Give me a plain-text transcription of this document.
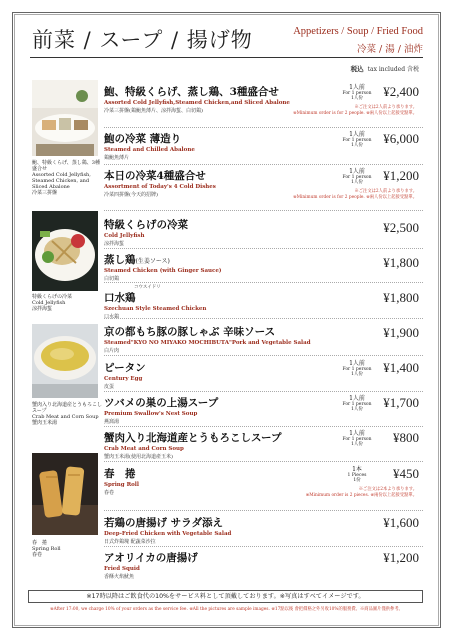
前菜 / スープ / 揚げ物	Appetizers / Soup / Fried Food
冷菜 / 湯 / 油炸
税込 tax included 含税
鮑、特級くらげ、蒸し鶏、3種盛合せ
Assorted Cold Jellyfish, Steamed Chicken, and Sliced Abalone
冷菜三拼盤
特級くらげの冷菜
Cold Jellyfish
涼拌海蜇
蟹肉入り北海道産とうもろこしスープ
Crab Meat and Corn Soup
蟹肉玉米湯
春　捲
Spring Roll
春卷
鮑、特級くらげ、蒸し鶏、3種盛合せ
Assorted Cold Jellyfish,Steamed Chicken,and Sliced Abalone
冷菜三拼盤(鶏鮑魚薄片、涼拌海蜇、白切鶏)
1人前
For 1 person
1人份	¥2,400
※ご注文は2人前より承ります。
※Minimum order is for 2 people. ※兩人份以上起接受點單。
鮑の冷菜 薄造り
Steamed and Chilled Abalone
鶏鮑魚薄片
1人前
For 1 person
1人份	¥6,000
本日の冷菜4種盛合せ
Assortment of Today's 4 Cold Dishes
冷菜四拼盤(今天的招牌)
1人前
For 1 person
1人份	¥1,200
※ご注文は2人前より承ります。
※Minimum order is for 2 people. ※兩人份以上起接受點單。
特級くらげの冷菜
Cold Jellyfish
涼拌海蜇
¥2,500
蒸し鶏(生姜ソース)
Steamed Chicken (with Ginger Sauce)
白切鶏
¥1,800
コウスイドリ
口水鶏
Szechuan Style Steamed Chicken
口水鶏
¥1,800
京の都もち豚の豚しゃぶ 辛味ソース
Steamed"KYO NO MIYAKO MOCHIBUTA"Pork and Vegetable Salad
白片肉
¥1,900
ピータン
Century Egg
皮蛋
1人前
For 1 person
1人份	¥1,400
ツバメの巣の上湯スープ
Premium Swallow's Nest Soup
燕窩湯
1人前
For 1 person
1人份	¥1,700
蟹肉入り北海道産とうもろこしスープ
Crab Meat and Corn Soup
蟹肉玉米湯(使用北海道產玉米)
1人前
For 1 person
1人份	¥800
春　捲
Spring Roll
春卷
1本
1 Pieces
1份	¥450
※ご注文は2本より承ります。
※Minimum order is 2 pieces. ※兩份以上起接受點單。
若鶏の唐揚げ サラダ添え
Deep-Fried Chicken with Vegetable Salad
日式炸鶏塊 配蔬菜沙拉
¥1,600
アオリイカの唐揚げ
Fried Squid
香酥火焰魷魚
¥1,200
※17時以降はご飲食代の10%をサービス料として頂戴しております。※写真はすべてイメージです。
※After 17:00, we charge 10% of your orders as the service fee. ※All the pictures are sample images. ※17點以後 會把價格之外另收10%的服務費。※商品圖片僅供參考。
